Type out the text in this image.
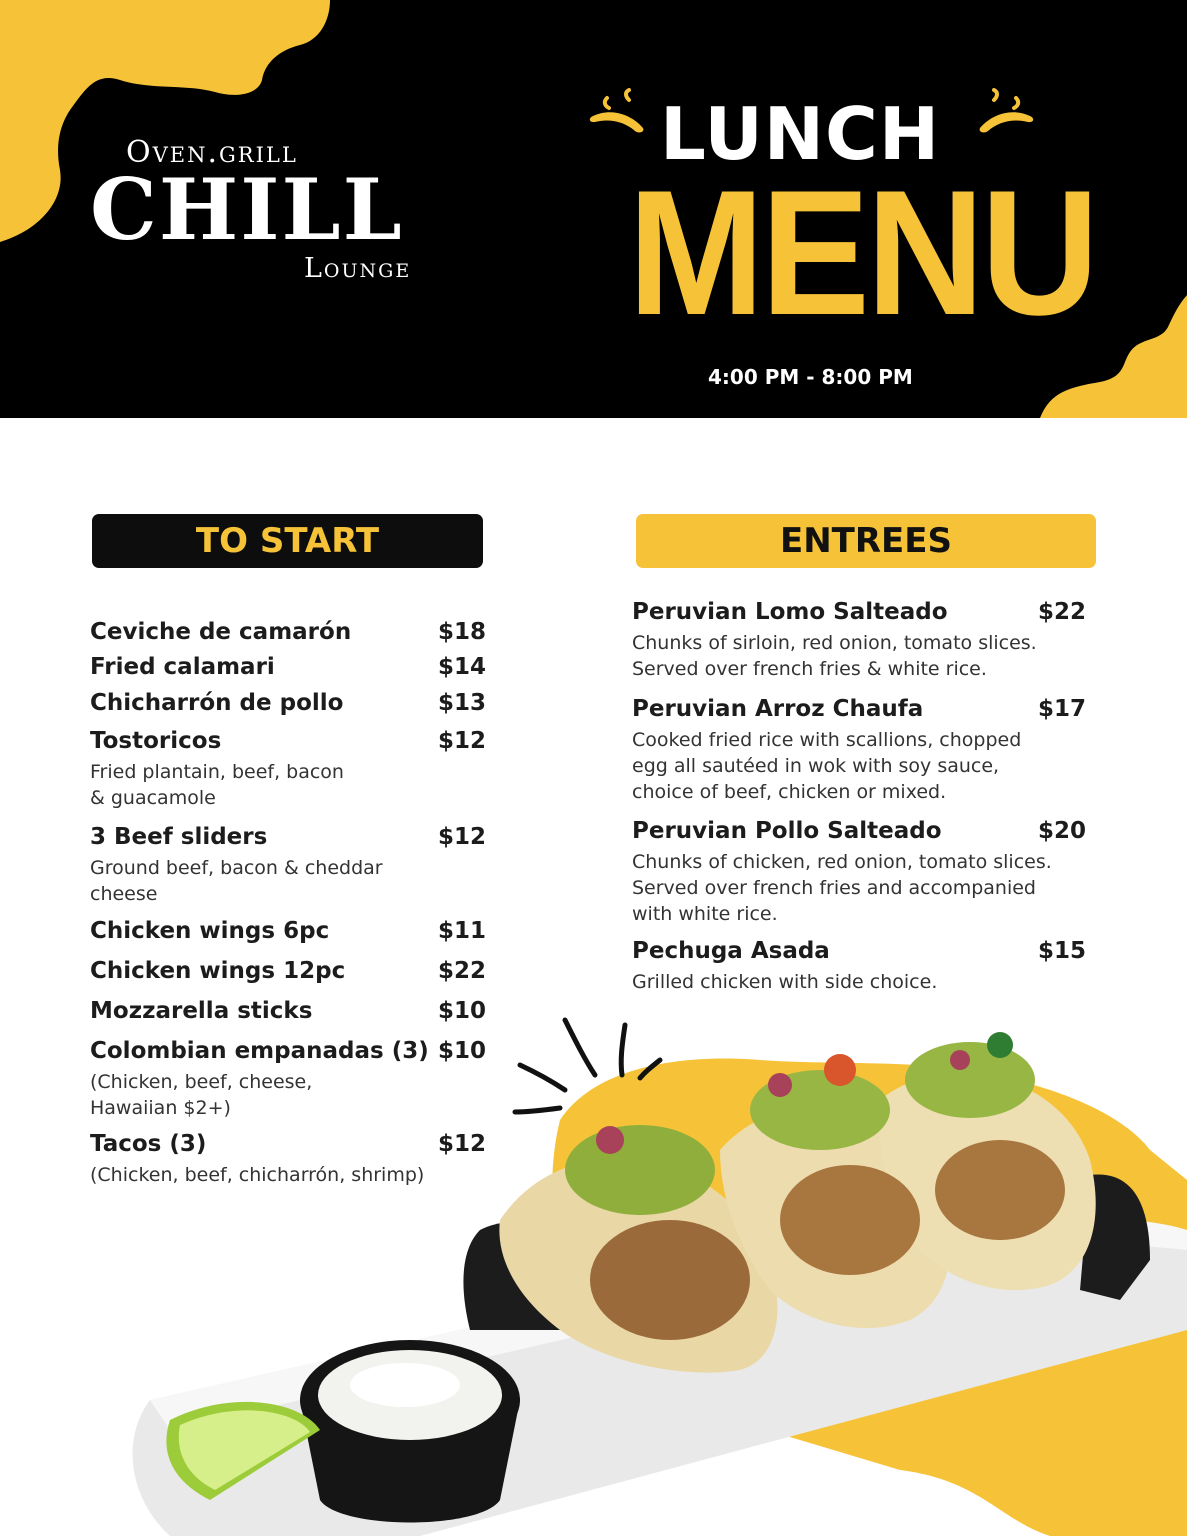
Oven.grill
CHILL
Lounge
LUNCH
MENU
4:00 PM - 8:00 PM
TO START	ENTREES
Ceviche de camarón	$18
Fried calamari	$14
Chicharrón de pollo	$13
Tostoricos	$12
Fried plantain, beef, bacon
& guacamole
3 Beef sliders	$12
Ground beef, bacon & cheddar
cheese
Chicken wings 6pc	$11
Chicken wings 12pc	$22
Mozzarella sticks	$10
Colombian empanadas (3) $10
(Chicken, beef, cheese,
Hawaiian $2+)
Tacos (3)	$12
(Chicken, beef, chicharrón, shrimp)
Peruvian Lomo Salteado	$22
Chunks of sirloin, red onion, tomato slices.
Served over french fries & white rice.
Peruvian Arroz Chaufa	$17
Cooked fried rice with scallions, chopped
egg all sautéed in wok with soy sauce,
choice of beef, chicken or mixed.
Peruvian Pollo Salteado	$20
Chunks of chicken, red onion, tomato slices.
Served over french fries and accompanied
with white rice.
Pechuga Asada	$15
Grilled chicken with side choice.
